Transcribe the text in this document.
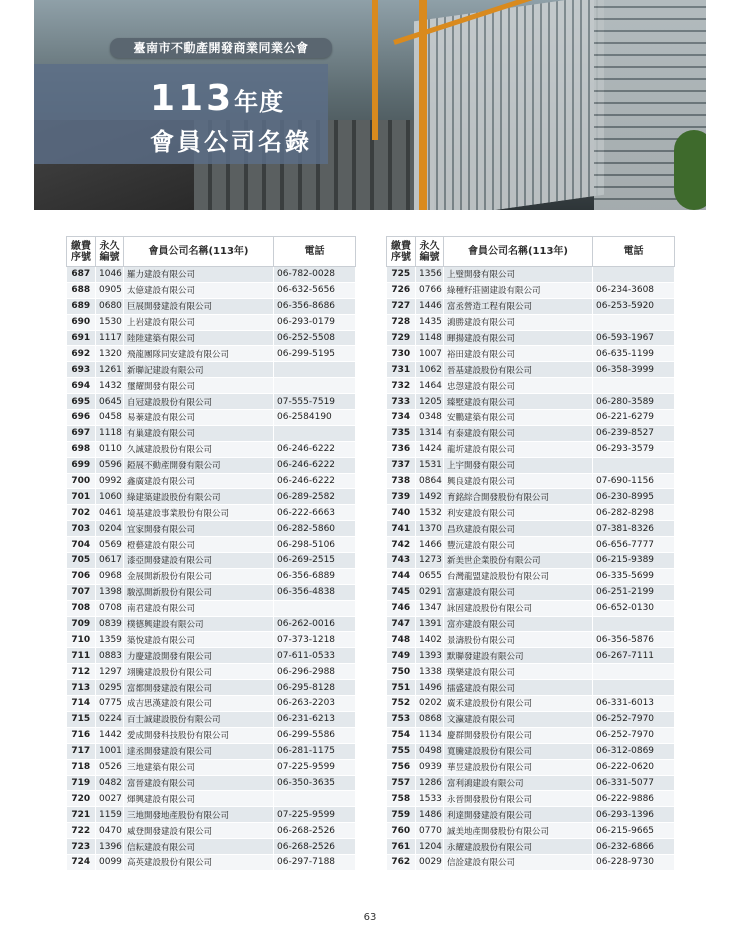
臺南市不動產開發商業同業公會
113年度
會員公司名錄
繳費序號	永久編號	會員公司名稱(113年)	電話
687	1046	羅力建設有限公司	06-782-0028
688	0905	太億建設有限公司	06-632-5656
689	0680	巨展開發建設有限公司	06-356-8686
690	1530	上岩建設有限公司	06-293-0179
691	1117	陸陸建築有限公司	06-252-5508
692	1320	飛龍團隊同安建設有限公司	06-299-5195
693	1261	新聯記建設有限公司	
694	1432	璽耀開發有限公司	
695	0645	自冠建設股份有限公司	07-555-7519
696	0458	易蓁建設有限公司	06-2584190
697	1118	有巢建設有限公司	
698	0110	久誠建設股份有限公司	06-246-6222
699	0596	錏展不動產開發有限公司	06-246-6222
700	0992	鑫廣建設有限公司	06-246-6222
701	1060	綠建築建設股份有限公司	06-289-2582
702	0461	境基建設事業股份有限公司	06-222-6663
703	0204	宜家開發有限公司	06-282-5860
704	0569	橙藝建設有限公司	06-298-5106
705	0617	漆亞開發建設有限公司	06-269-2515
706	0968	金展開新股份有限公司	06-356-6889
707	1398	駿泓開新股份有限公司	06-356-4838
708	0708	南君建設有限公司	
709	0839	樸德興建設有限公司	06-262-0016
710	1359	築悅建設有限公司	07-373-1218
711	0883	力慶建設開發有限公司	07-611-0533
712	1297	翊騰建設股份有限公司	06-296-2988
713	0295	富都開發建設有限公司	06-295-8128
714	0775	成吉思漢建設有限公司	06-263-2203
715	0224	百士誠建設股份有限公司	06-231-6213
716	1442	愛成開發科技股份有限公司	06-299-5586
717	1001	達丞開發建設有限公司	06-281-1175
718	0526	三地建築有限公司	07-225-9599
719	0482	富晉建設有限公司	06-350-3635
720	0027	煇興建設有限公司	
721	1159	三地開發地產股份有限公司	07-225-9599
722	0470	威登開發建設有限公司	06-268-2526
723	1396	信耘建設有限公司	06-268-2526
724	0099	高英建設股份有限公司	06-297-7188
繳費序號	永久編號	會員公司名稱(113年)	電話
725	1356	上璧開發有限公司	
726	0766	綠種籽莊園建設有限公司	06-234-3608
727	1446	富丞營造工程有限公司	06-253-5920
728	1435	鴻勝建設有限公司	
729	1148	暉揚建設有限公司	06-593-1967
730	1007	裕田建設有限公司	06-635-1199
731	1062	晉基建設股份有限公司	06-358-3999
732	1464	忠愨建設有限公司	
733	1205	臻墅建設有限公司	06-280-3589
734	0348	安鵬建築有限公司	06-221-6279
735	1314	有泰建設有限公司	06-239-8527
736	1424	龍圻建設有限公司	06-293-3579
737	1531	上宇開發有限公司	
738	0864	興良建設有限公司	07-690-1156
739	1492	育銘綜合開發股份有限公司	06-230-8995
740	1532	利安建設有限公司	06-282-8298
741	1370	昌玖建設有限公司	07-381-8326
742	1466	豐沅建設有限公司	06-656-7777
743	1273	新美世企業股份有限公司	06-215-9389
744	0655	台灣龍盟建設股份有限公司	06-335-5699
745	0291	富憲建設有限公司	06-251-2199
746	1347	詠固建設股份有限公司	06-652-0130
747	1391	富亦建設有限公司	
748	1402	景濤股份有限公司	06-356-5876
749	1393	默聯發建設有限公司	06-267-7111
750	1338	璞樂建設有限公司	
751	1496	擂盛建設有限公司	
752	0202	廣禾建設股份有限公司	06-331-6013
753	0868	文瀛建設有限公司	06-252-7970
754	1134	慶群開發股份有限公司	06-252-7970
755	0498	寬騰建設股份有限公司	06-312-0869
756	0939	華昱建設股份有限公司	06-222-0620
757	1286	富利鴻建設有限公司	06-331-5077
758	1533	永晉開發股份有限公司	06-222-9886
759	1486	利達開發建設有限公司	06-293-1396
760	0770	誠美地產開發股份有限公司	06-215-9665
761	1204	永耀建設股份有限公司	06-232-6866
762	0029	信詮建設有限公司	06-228-9730
63
